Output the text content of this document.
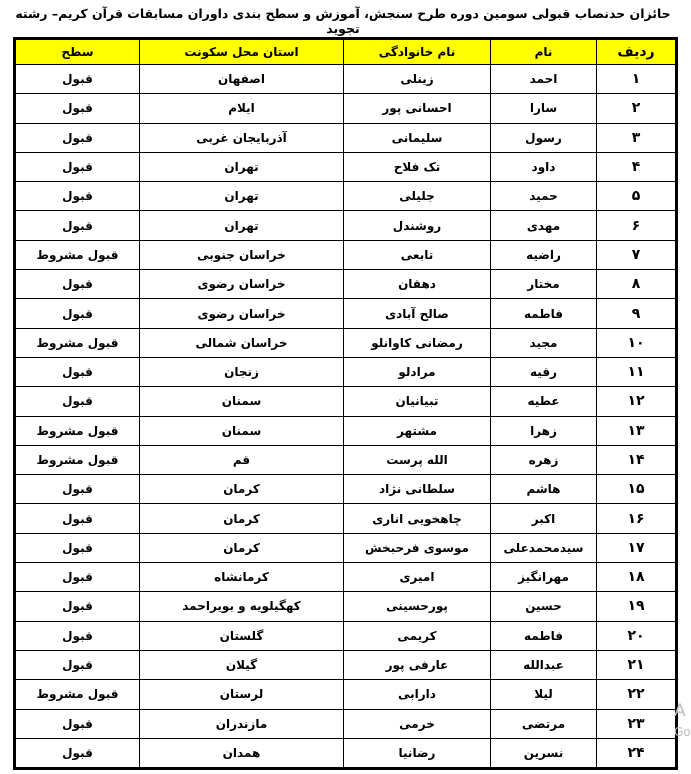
حائزان حدنصاب قبولی سومین دوره طرح سنجش، آموزش و سطح بندی داوران مسابقات قرآن کریم– رشته تجوید
ردیف	نام	نام خانوادگی	استان محل سکونت	سطح
۱	احمد	زینلی	اصفهان	قبول
۲	سارا	احسانی پور	ایلام	قبول
۳	رسول	سلیمانی	آذربایجان غربی	قبول
۴	داود	تک فلاح	تهران	قبول
۵	حمید	جلیلی	تهران	قبول
۶	مهدی	روشندل	تهران	قبول
۷	راضیه	تابعی	خراسان جنوبی	قبول مشروط
۸	مختار	دهقان	خراسان رضوی	قبول
۹	فاطمه	صالح آبادی	خراسان رضوی	قبول
۱۰	مجید	رمضانی کاوانلو	خراسان شمالی	قبول مشروط
۱۱	رقیه	مرادلو	زنجان	قبول
۱۲	عطیه	تبیانیان	سمنان	قبول
۱۳	زهرا	مشتهر	سمنان	قبول مشروط
۱۴	زهره	الله پرست	قم	قبول مشروط
۱۵	هاشم	سلطانی نژاد	کرمان	قبول
۱۶	اکبر	چاهخویی اناری	کرمان	قبول
۱۷	سیدمحمدعلی	موسوی فرحبخش	کرمان	قبول
۱۸	مهرانگیز	امیری	کرمانشاه	قبول
۱۹	حسین	پورحسینی	کهگیلویه و بویراحمد	قبول
۲۰	فاطمه	کریمی	گلستان	قبول
۲۱	عبدالله	عارفی پور	گیلان	قبول
۲۲	لیلا	دارابی	لرستان	قبول مشروط
۲۳	مرتضی	خرمی	مازندران	قبول
۲۴	نسرین	رضانیا	همدان	قبول
A
Go
